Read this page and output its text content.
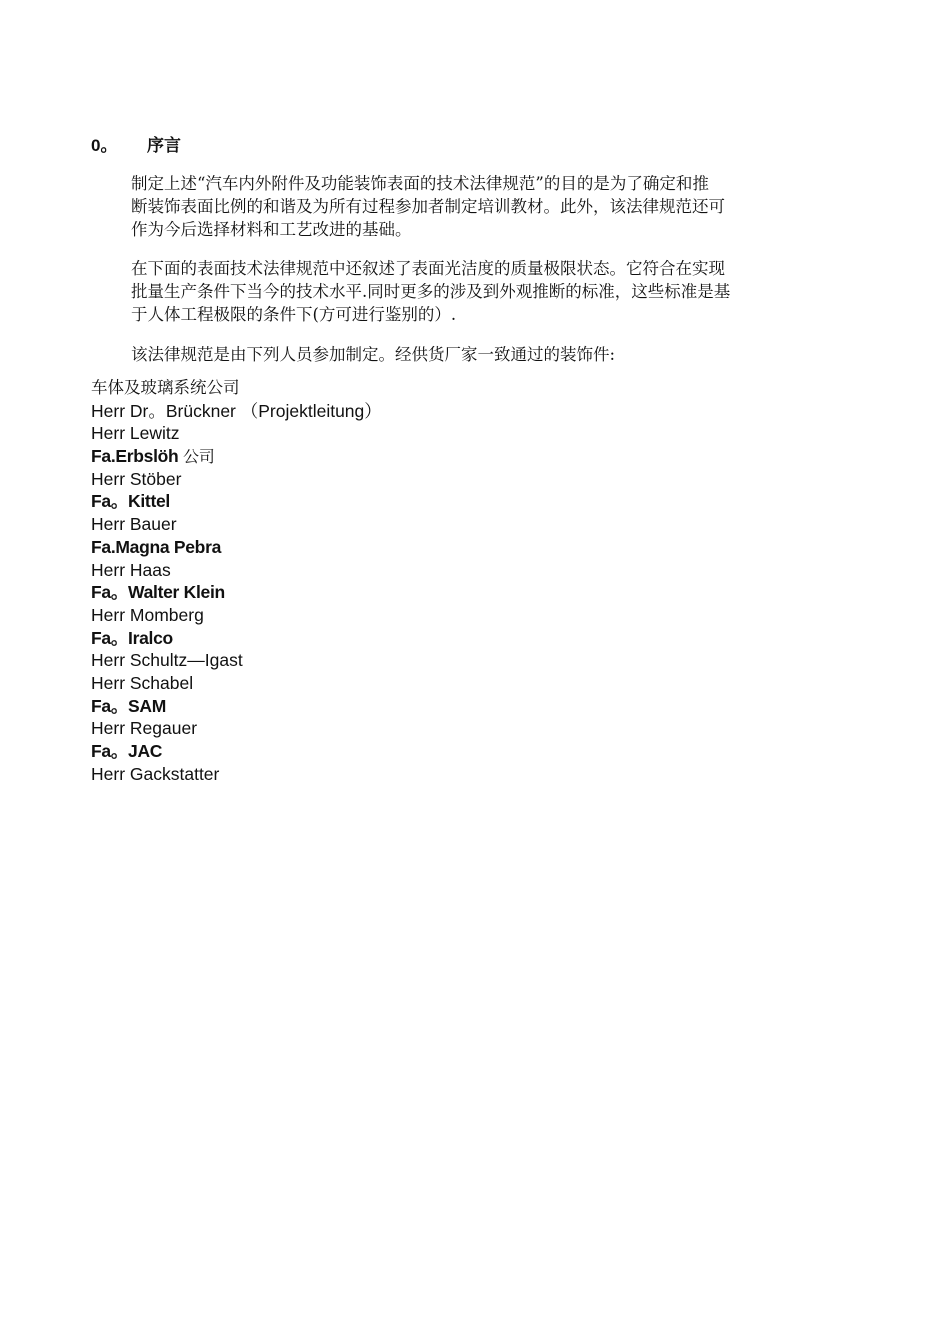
0。 序言

制定上述“汽车内外附件及功能装饰表面的技术法律规范”的目的是为了确定和推
断装饰表面比例的和谐及为所有过程参加者制定培训教材。此外，该法律规范还可
作为今后选择材料和工艺改进的基础。

在下面的表面技术法律规范中还叙述了表面光洁度的质量极限状态。它符合在实现
批量生产条件下当今的技术水平.同时更多的涉及到外观推断的标准，这些标准是基
于人体工程极限的条件下(方可进行鉴别的）.

该法律规范是由下列人员参加制定。经供货厂家一致通过的装饰件:

车体及玻璃系统公司
Herr Dr。Brückner （Projektleitung）
Herr Lewitz
Fa.Erbslöh 公司
Herr Stöber
Fa。Kittel
Herr Bauer
Fa.Magna Pebra
Herr Haas
Fa。Walter Klein
Herr Momberg
Fa。Iralco
Herr Schultz—Igast
Herr Schabel
Fa。SAM
Herr Regauer
Fa。JAC
Herr Gackstatter
